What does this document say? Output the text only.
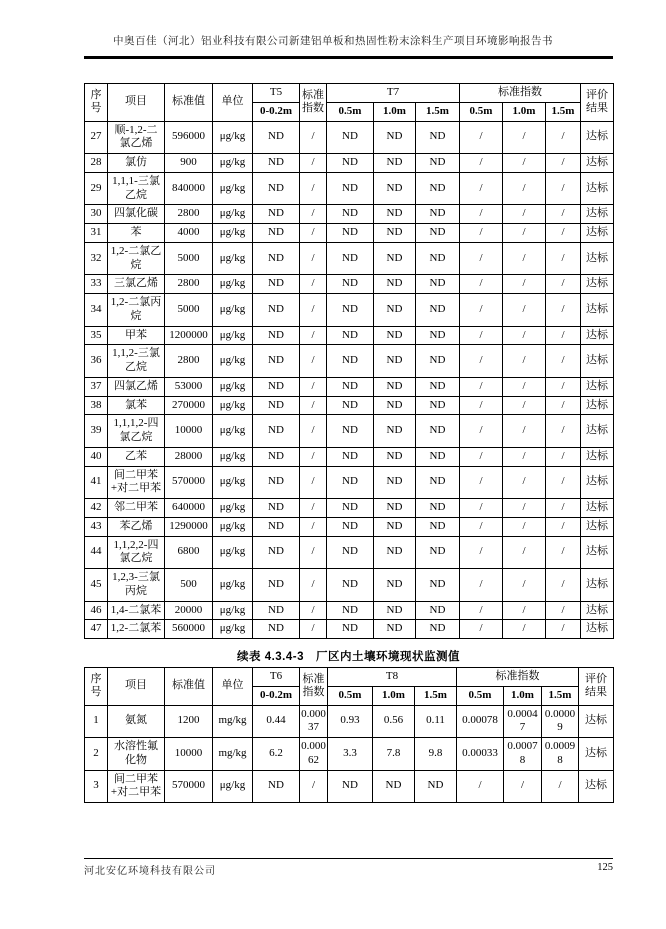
中奥百佳（河北）铝业科技有限公司新建铝单板和热固性粉末涂料生产项目环境影响报告书
序号	项目	标准值	单位	T5	标准指数	T7			标准指数			评价结果
				0-0.2m		0.5m	1.0m	1.5m	0.5m	1.0m	1.5m	
27	顺-1,2-二氯乙烯	596000	μg/kg	ND	/	ND	ND	ND	/	/	/	达标
28	氯仿	900	μg/kg	ND	/	ND	ND	ND	/	/	/	达标
29	1,1,1-三氯乙烷	840000	μg/kg	ND	/	ND	ND	ND	/	/	/	达标
30	四氯化碳	2800	μg/kg	ND	/	ND	ND	ND	/	/	/	达标
31	苯	4000	μg/kg	ND	/	ND	ND	ND	/	/	/	达标
32	1,2-二氯乙烷	5000	μg/kg	ND	/	ND	ND	ND	/	/	/	达标
33	三氯乙烯	2800	μg/kg	ND	/	ND	ND	ND	/	/	/	达标
34	1,2-二氯丙烷	5000	μg/kg	ND	/	ND	ND	ND	/	/	/	达标
35	甲苯	1200000	μg/kg	ND	/	ND	ND	ND	/	/	/	达标
36	1,1,2-三氯乙烷	2800	μg/kg	ND	/	ND	ND	ND	/	/	/	达标
37	四氯乙烯	53000	μg/kg	ND	/	ND	ND	ND	/	/	/	达标
38	氯苯	270000	μg/kg	ND	/	ND	ND	ND	/	/	/	达标
39	1,1,1,2-四氯乙烷	10000	μg/kg	ND	/	ND	ND	ND	/	/	/	达标
40	乙苯	28000	μg/kg	ND	/	ND	ND	ND	/	/	/	达标
41	间二甲苯+对二甲苯	570000	μg/kg	ND	/	ND	ND	ND	/	/	/	达标
42	邻二甲苯	640000	μg/kg	ND	/	ND	ND	ND	/	/	/	达标
43	苯乙烯	1290000	μg/kg	ND	/	ND	ND	ND	/	/	/	达标
44	1,1,2,2-四氯乙烷	6800	μg/kg	ND	/	ND	ND	ND	/	/	/	达标
45	1,2,3-三氯丙烷	500	μg/kg	ND	/	ND	ND	ND	/	/	/	达标
46	1,4-二氯苯	20000	μg/kg	ND	/	ND	ND	ND	/	/	/	达标
47	1,2-二氯苯	560000	μg/kg	ND	/	ND	ND	ND	/	/	/	达标
续表 4.3.4-3　厂区内土壤环境现状监测值
序号	项目	标准值	单位	T6	标准指数	T8			标准指数			评价结果
				0-0.2m		0.5m	1.0m	1.5m	0.5m	1.0m	1.5m	
1	氨氮	1200	mg/kg	0.44	0.00037	0.93	0.56	0.11	0.00078	0.00047	0.00009	达标
2	水溶性氟化物	10000	mg/kg	6.2	0.00062	3.3	7.8	9.8	0.00033	0.00078	0.00098	达标
3	间二甲苯+对二甲苯	570000	μg/kg	ND	/	ND	ND	ND	/	/	/	达标
河北安亿环境科技有限公司	125
